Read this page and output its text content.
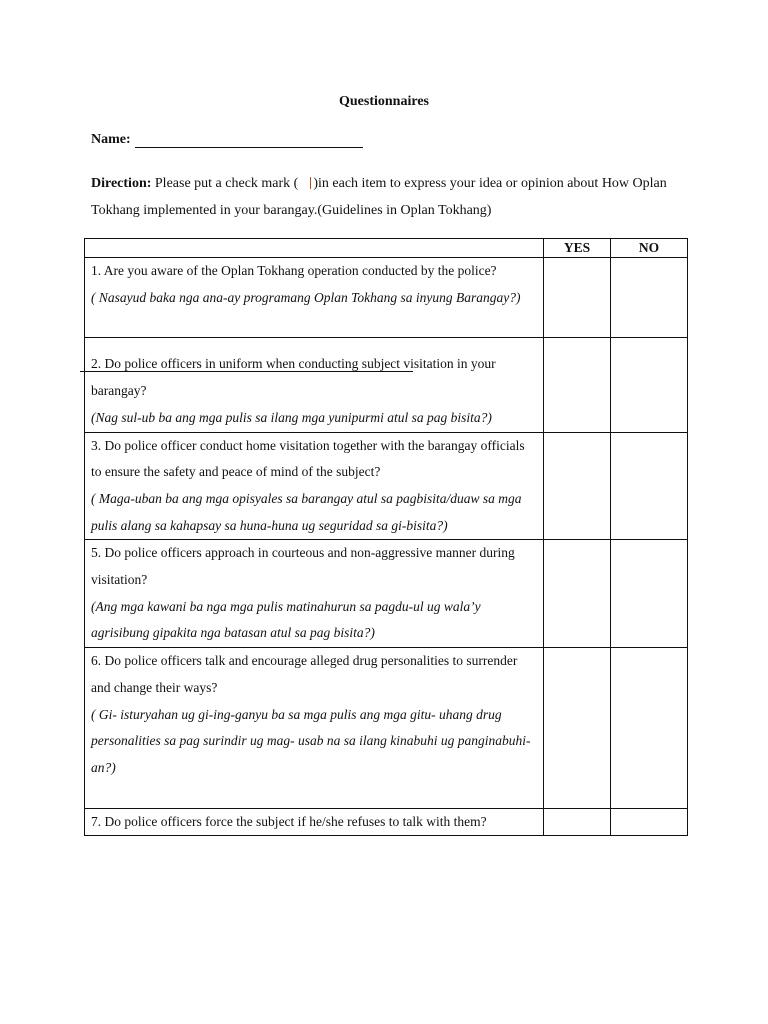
Questionnaires
Name:
Direction: Please put a check mark ( )in each item to express your idea or opinion about How Oplan Tokhang implemented in your barangay.(Guidelines in Oplan Tokhang)
	YES	NO

1. Are you aware of the Oplan Tokhang operation conducted by the police?
( Nasayud baka nga ana-ay programang Oplan Tokhang sa inyung Barangay?)		

2. Do police officers in uniform when conducting subject visitation in your barangay?
(Nag sul-ub ba ang mga pulis sa ilang mga yunipurmi atul sa pag bisita?)		

3. Do police officer conduct home visitation together with the barangay officials to ensure the safety and peace of mind of the subject?
( Maga-uban ba ang mga opisyales sa barangay atul sa pagbisita/duaw sa mga pulis alang sa kahapsay sa huna-huna ug seguridad sa gi-bisita?)		

5. Do police officers approach in courteous and non-aggressive manner during visitation?
(Ang mga kawani ba nga mga pulis matinahurun sa pagdu-ul ug wala’y agrisibung gipakita nga batasan atul sa pag bisita?)		

6. Do police officers talk and encourage alleged drug personalities to surrender and change their ways?
( Gi- isturyahan ug gi-ing-ganyu ba sa mga pulis ang mga gitu- uhang drug personalities sa pag surindir ug mag- usab na sa ilang kinabuhi ug panginabuhi-an?)		

7. Do police officers force the subject if he/she refuses to talk with them?		
